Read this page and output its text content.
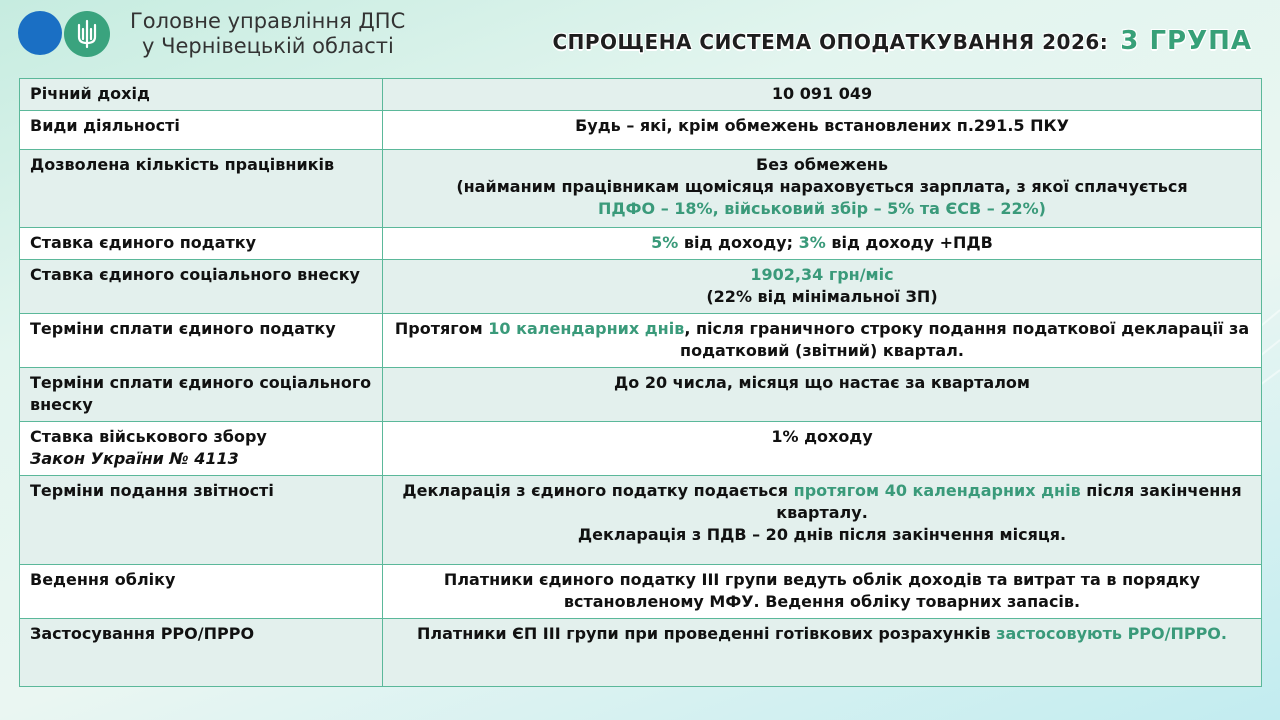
Головне управління ДПС
у Чернівецькій області	СПРОЩЕНА СИСТЕМА ОПОДАТКУВАННЯ 2026: 3 ГРУПА
Річний дохід	10 091 049
Види діяльності	Будь – які, крім обмежень встановлених п.291.5 ПКУ
Дозволена кількість працівників	Без обмежень
(найманим працівникам щомісяця нараховується зарплата, з якої сплачується
ПДФО – 18%, військовий збір – 5% та ЄСВ – 22%)

Ставка єдиного податку	5% від доходу; 3% від доходу +ПДВ
Ставка єдиного соціального внеску	1902,34 грн/міс
(22% від мінімальної ЗП)

Терміни сплати єдиного податку	Протягом 10 календарних днів, після граничного строку подання податкової декларації за податковий (звітний) квартал.
Терміни сплати єдиного соціального внеску	До 20 числа, місяця що настає за кварталом

Ставка військового збору
Закон України № 4113	1% доходу
Терміни подання звітності	Декларація з єдиного податку подається протягом 40 календарних днів після закінчення кварталу.
Декларація з ПДВ – 20 днів після закінчення місяця.

Ведення обліку	Платники єдиного податку ІІІ групи ведуть облік доходів та витрат та в порядку встановленому МФУ. Ведення обліку товарних запасів.
Застосування РРО/ПРРО	Платники ЄП ІІІ групи при проведенні готівкових розрахунків застосовують РРО/ПРРО.
